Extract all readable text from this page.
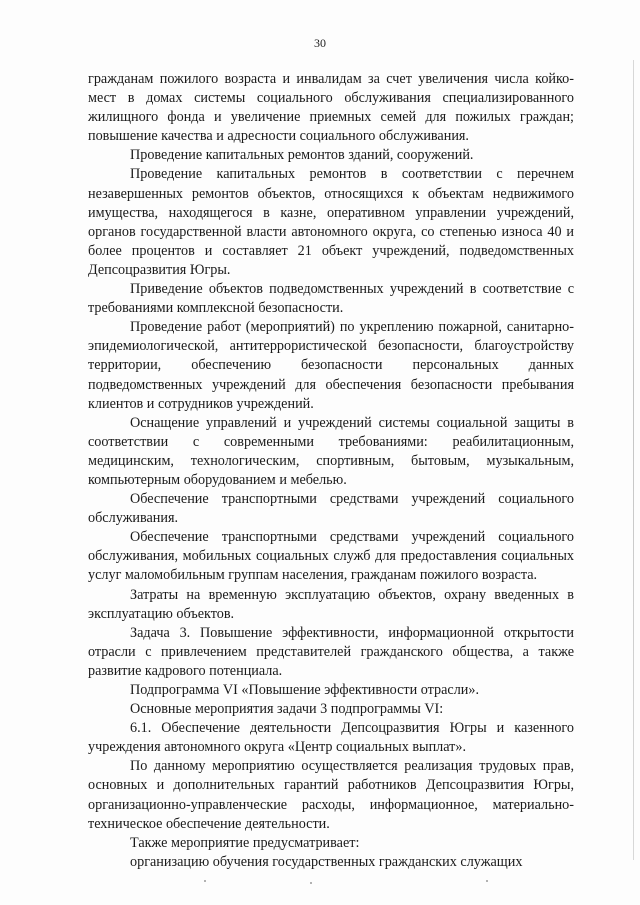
30

гражданам пожилого возраста и инвалидам за счет увеличения числа койко-мест в домах системы социального обслуживания специализированного жилищного фонда и увеличение приемных семей для пожилых граждан; повышение качества и адресности социального обслуживания.

Проведение капитальных ремонтов зданий, сооружений.

Проведение капитальных ремонтов в соответствии с перечнем незавершенных ремонтов объектов, относящихся к объектам недвижимого имущества, находящегося в казне, оперативном управлении учреждений, органов государственной власти автономного округа, со степенью износа 40 и более процентов и составляет 21 объект учреждений, подведомственных Депсоцразвития Югры.

Приведение объектов подведомственных учреждений в соответствие с требованиями комплексной безопасности.

Проведение работ (мероприятий) по укреплению пожарной, санитарно-эпидемиологической, антитеррористической безопасности, благоустройству территории, обеспечению безопасности персональных данных подведомственных учреждений для обеспечения безопасности пребывания клиентов и сотрудников учреждений.

Оснащение управлений и учреждений системы социальной защиты в соответствии с современными требованиями: реабилитационным, медицинским, технологическим, спортивным, бытовым, музыкальным, компьютерным оборудованием и мебелью.

Обеспечение транспортными средствами учреждений социального обслуживания.

Обеспечение транспортными средствами учреждений социального обслуживания, мобильных социальных служб для предоставления социальных услуг маломобильным группам населения, гражданам пожилого возраста.

Затраты на временную эксплуатацию объектов, охрану введенных в эксплуатацию объектов.

Задача 3. Повышение эффективности, информационной открытости отрасли с привлечением представителей гражданского общества, а также развитие кадрового потенциала.

Подпрограмма VI «Повышение эффективности отрасли».

Основные мероприятия задачи 3 подпрограммы VI:

6.1. Обеспечение деятельности Депсоцразвития Югры и казенного учреждения автономного округа «Центр социальных выплат».

По данному мероприятию осуществляется реализация трудовых прав, основных и дополнительных гарантий работников Депсоцразвития Югры, организационно-управленческие расходы, информационное, материально-техническое обеспечение деятельности.

Также мероприятие предусматривает:

организацию обучения государственных гражданских служащих
